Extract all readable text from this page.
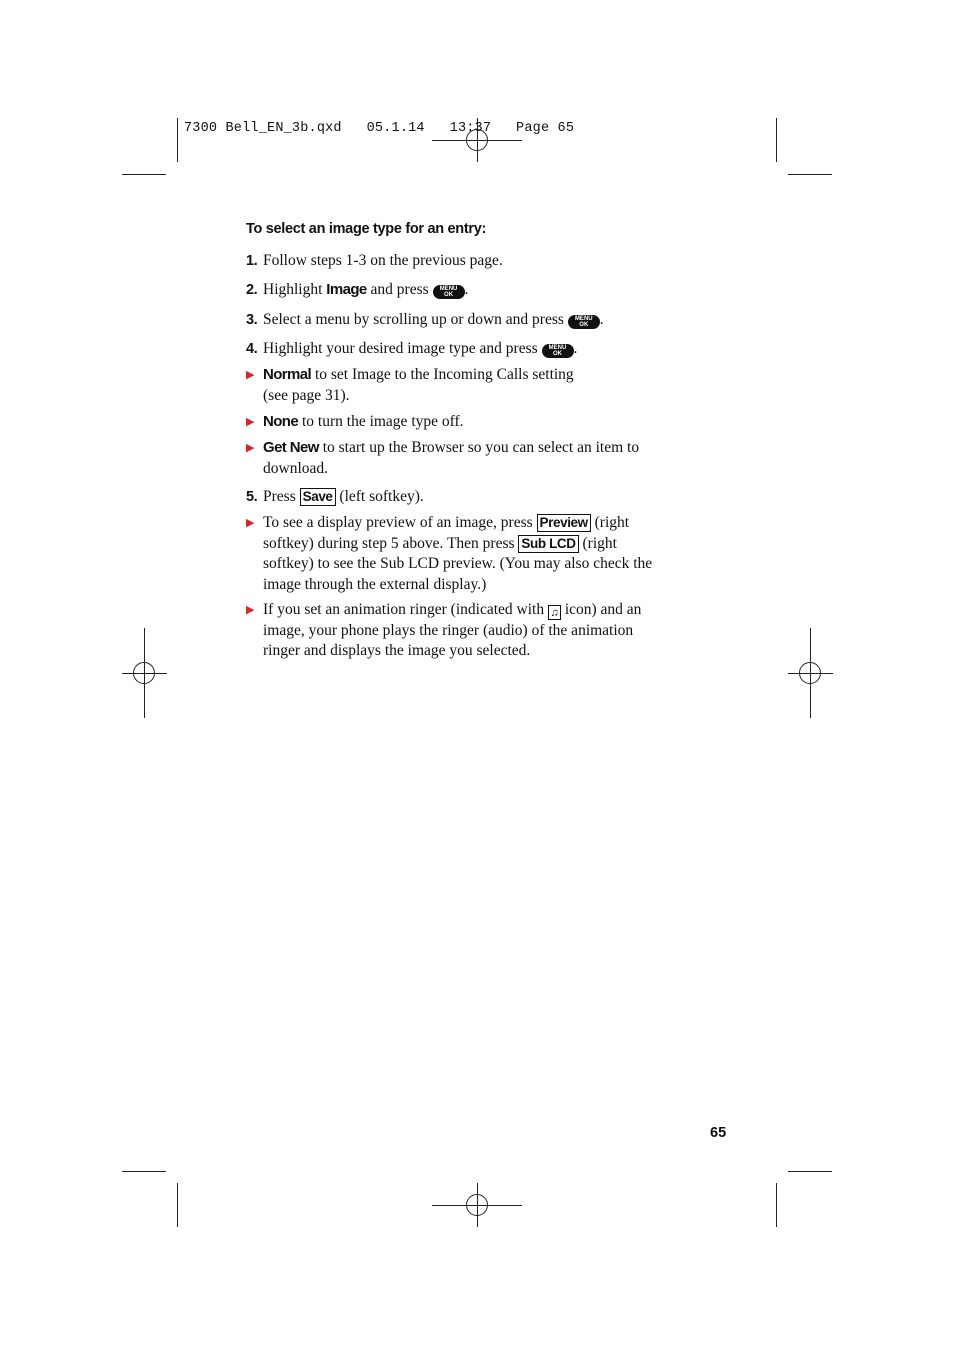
7300 Bell_EN_3b.qxd   05.1.14   13:37   Page 65
To select an image type for an entry:
1. Follow steps 1-3 on the previous page.
2. Highlight Image and press MENU
OK .
3. Select a menu by scrolling up or down and press MENU
OK .
4. Highlight your desired image type and press MENU
OK .
▶ Normal to set Image to the Incoming Calls setting
(see page 31).
▶ None to turn the image type off.
▶ Get New to start up the Browser so you can select an item to
download.
5. Press Save (left softkey).
▶ To see a display preview of an image, press Preview (right
softkey) during step 5 above. Then press Sub LCD (right
softkey) to see the Sub LCD preview. (You may also check the
image through the external display.)
▶ If you set an animation ringer (indicated with ♫ icon) and an
image, your phone plays the ringer (audio) of the animation
ringer and displays the image you selected.
65
